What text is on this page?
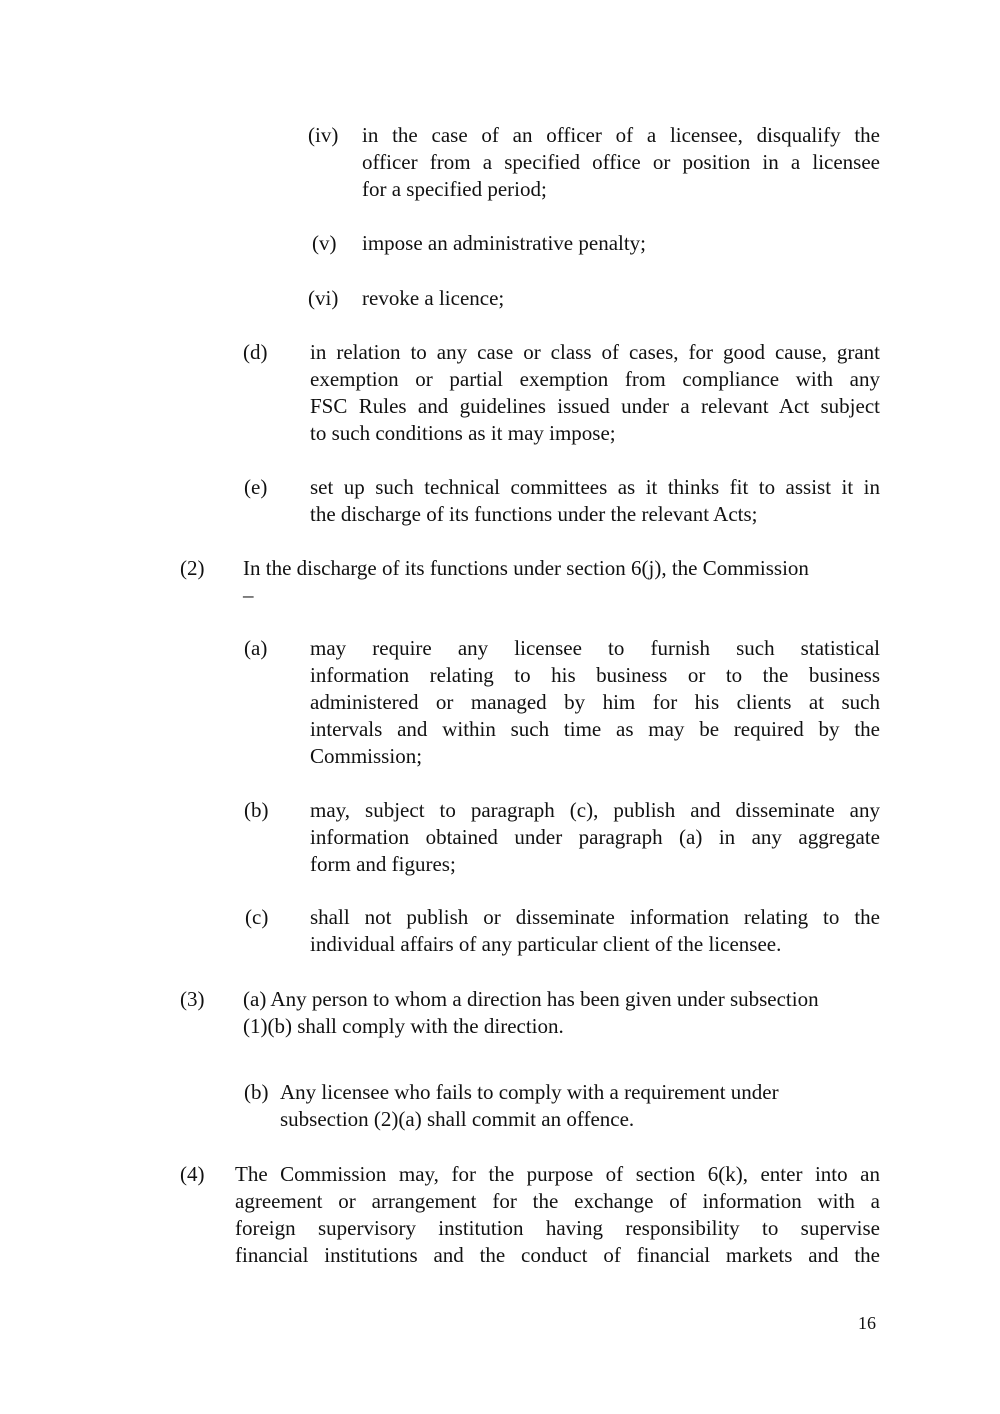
(iv) in the case of an officer of a licensee, disqualify the
officer from a specified office or position in a licensee
for a specified period;
(v) impose an administrative penalty;
(vi) revoke a licence;
(d) in relation to any case or class of cases, for good cause, grant
exemption or partial exemption from compliance with any
FSC Rules and guidelines issued under a relevant Act subject
to such conditions as it may impose;
(e) set up such technical committees as it thinks fit to assist it in
the discharge of its functions under the relevant Acts;
(2) In the discharge of its functions under section 6(j), the Commission
–
(a) may require any licensee to furnish such statistical
information relating to his business or to the business
administered or managed by him for his clients at such
intervals and within such time as may be required by the
Commission;
(b) may, subject to paragraph (c), publish and disseminate any
information obtained under paragraph (a) in any aggregate
form and figures;
(c) shall not publish or disseminate information relating to the
individual affairs of any particular client of the licensee.
(3) (a) Any person to whom a direction has been given under subsection
(1)(b) shall comply with the direction.
(b) Any licensee who fails to comply with a requirement under
subsection (2)(a) shall commit an offence.
(4) The Commission may, for the purpose of section 6(k), enter into an
agreement or arrangement for the exchange of information with a
foreign supervisory institution having responsibility to supervise
financial institutions and the conduct of financial markets and the
16
